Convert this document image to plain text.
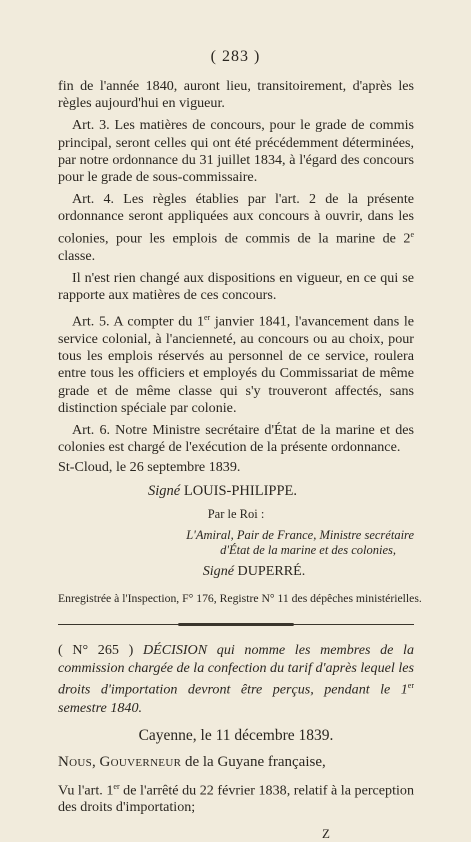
( 283 )

fin de l'année 1840, auront lieu, transitoirement, d'après les règles aujourd'hui en vigueur.

Art. 3. Les matières de concours, pour le grade de commis principal, seront celles qui ont été précédemment déterminées, par notre ordonnance du 31 juillet 1834, à l'égard des concours pour le grade de sous-commissaire.

Art. 4. Les règles établies par l'art. 2 de la présente ordonnance seront appliquées aux concours à ouvrir, dans les colonies, pour les emplois de commis de la marine de 2e classe.

Il n'est rien changé aux dispositions en vigueur, en ce qui se rapporte aux matières de ces concours.

Art. 5. A compter du 1er janvier 1841, l'avancement dans le service colonial, à l'ancienneté, au concours ou au choix, pour tous les emplois réservés au personnel de ce service, roulera entre tous les officiers et employés du Commissariat de même grade et de même classe qui s'y trouveront affectés, sans distinction spéciale par colonie.

Art. 6. Notre Ministre secrétaire d'État de la marine et des colonies est chargé de l'exécution de la présente ordonnance.

St-Cloud, le 26 septembre 1839.

Signé LOUIS-PHILIPPE.
Par le Roi :
L'Amiral, Pair de France, Ministre secrétaire
d'État de la marine et des colonies,
Signé DUPERRÉ.
Enregistrée à l'Inspection, F° 176, Registre N° 11 des dépêches ministérielles.

( N° 265 ) DÉCISION qui nomme les membres de la commission chargée de la confection du tarif d'après lequel les droits d'importation devront être perçus, pendant le 1er semestre 1840.

Cayenne, le 11 décembre 1839.

Nous, Gouverneur de la Guyane française,

Vu l'art. 1er de l'arrêté du 22 février 1838, relatif à la perception des droits d'importation;

Z
